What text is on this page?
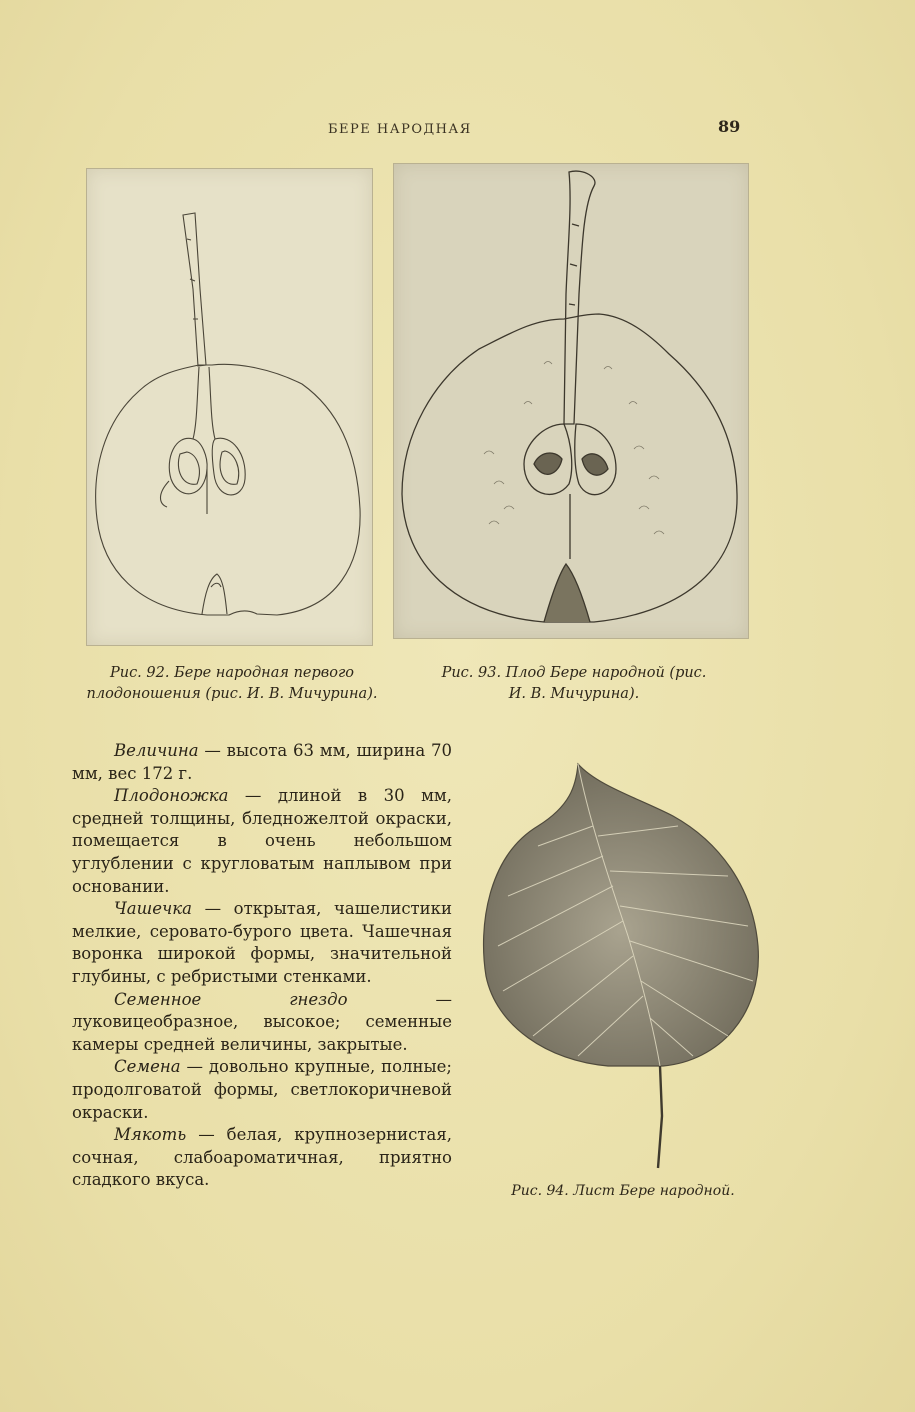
БЕРЕ НАРОДНАЯ	89
Рис. 92. Бере народная первого плодоношения (рис. И. В. Мичурина).
Рис. 93. Плод Бере народной (рис. И. В. Мичурина).

Величина — высота 63 мм, ширина 70 мм, вес 172 г.

Плодоножка — длиной в 30 мм, средней толщины, бледножелтой окраски, помещается в очень небольшом углублении с кругловатым наплывом при основании.

Чашечка — открытая, чашелистики мелкие, серовато-бурого цвета. Чашечная воронка широкой формы, значительной глубины, с ребристыми стенками.

Семенное гнездо — луковицеобразное, высокое; семенные камеры средней величины, закрытые.

Семена — довольно крупные, полные; продолговатой формы, светлокоричневой окраски.

Мякоть — белая, крупнозернистая, сочная, слабоароматичная, приятно сладкого вкуса.

Рис. 94. Лист Бере народной.
